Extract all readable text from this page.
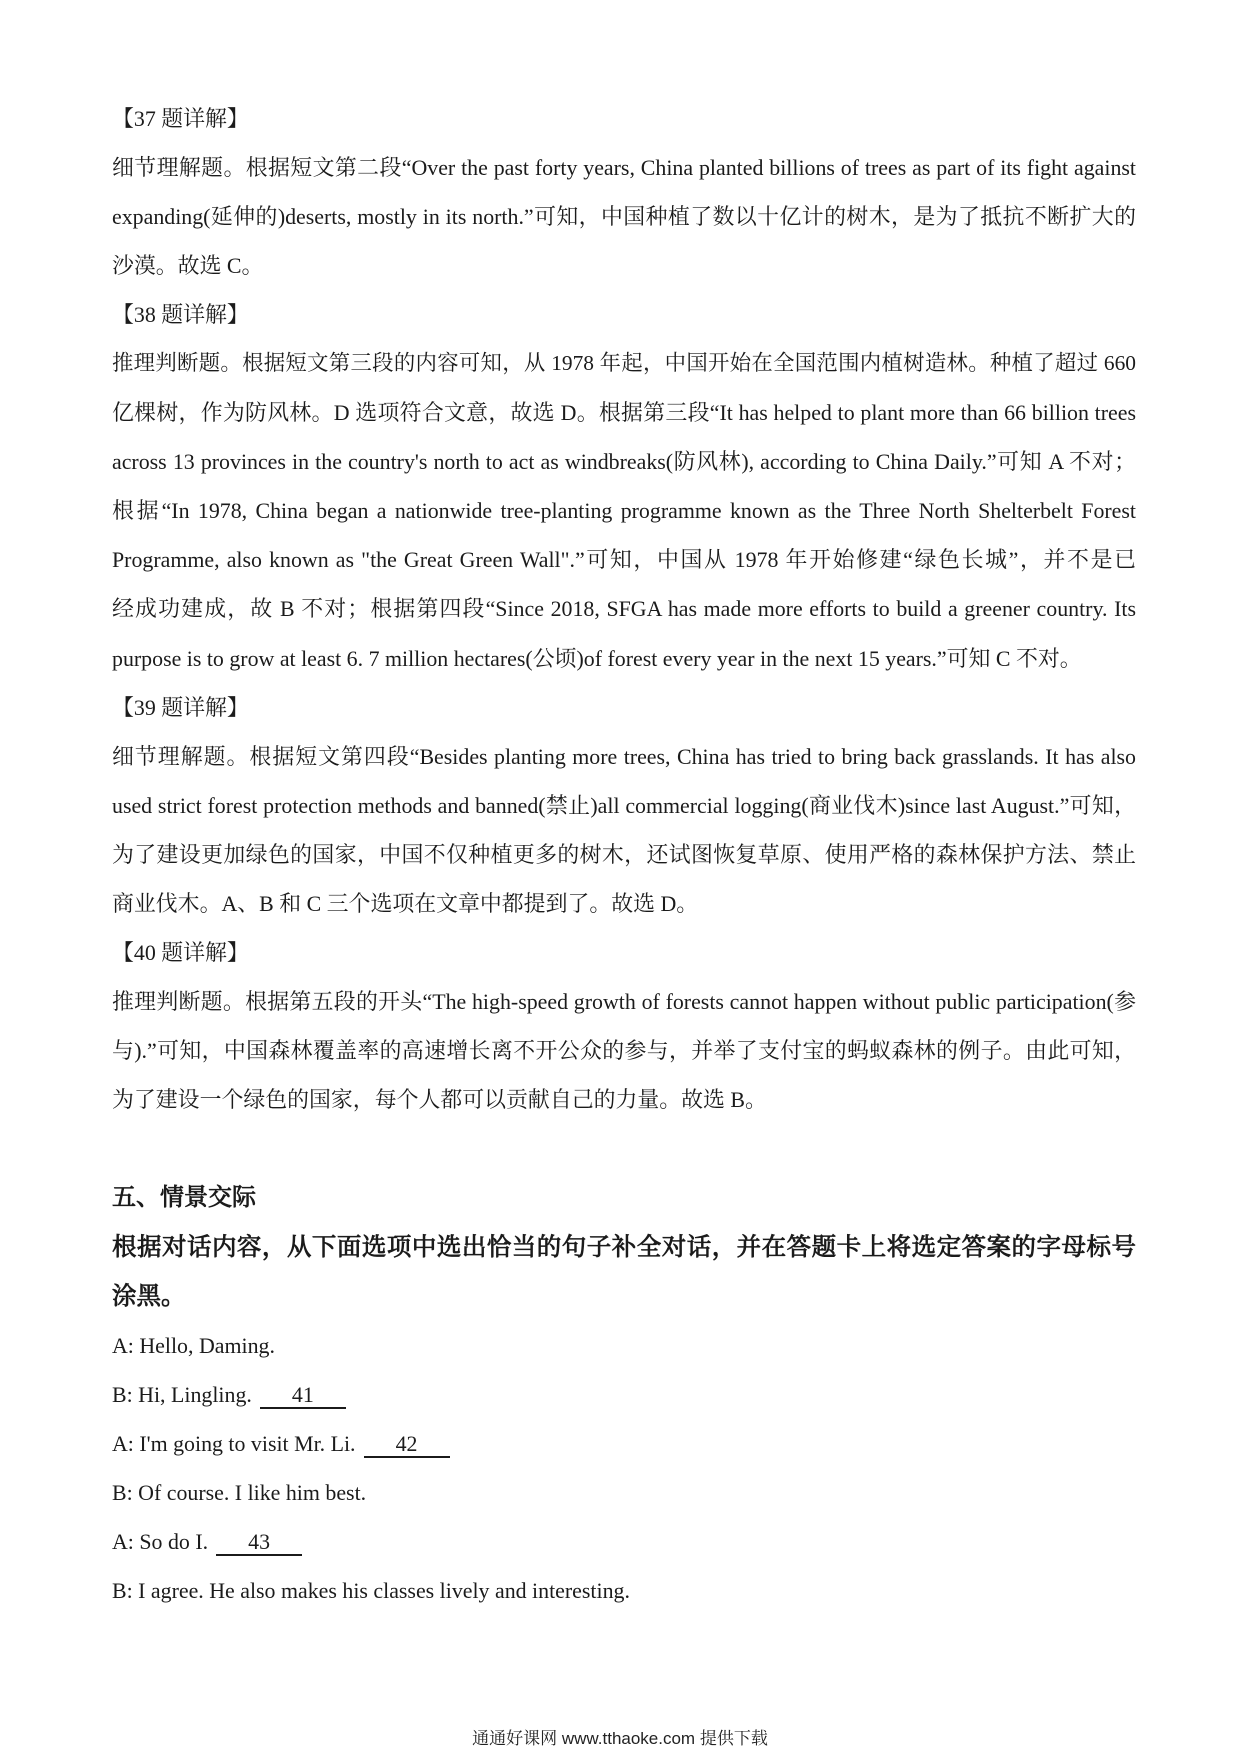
【37 题详解】
细节理解题。根据短文第二段“Over the past forty years, China planted billions of trees as part of its fight against
expanding(延伸的)deserts, mostly in its north.”可知，中国种植了数以十亿计的树木，是为了抵抗不断扩大的
沙漠。故选 C。
【38 题详解】
推理判断题。根据短文第三段的内容可知，从 1978 年起，中国开始在全国范围内植树造林。种植了超过 660
亿棵树，作为防风林。D 选项符合文意，故选 D。根据第三段“It has helped to plant more than 66 billion trees
across 13 provinces in the country's north to act as windbreaks(防风林), according to China Daily.”可知 A 不对；
根据“In 1978, China began a nationwide tree-planting programme known as the Three North Shelterbelt Forest
Programme, also known as "the Great Green Wall".”可知，中国从 1978 年开始修建“绿色长城”，并不是已
经成功建成，故 B 不对；根据第四段“Since 2018, SFGA has made more efforts to build a greener country. Its
purpose is to grow at least 6. 7 million hectares(公顷)of forest every year in the next 15 years.”可知 C 不对。
【39 题详解】
细节理解题。根据短文第四段“Besides planting more trees, China has tried to bring back grasslands. It has also
used strict forest protection methods and banned(禁止)all commercial logging(商业伐木)since last August.”可知，
为了建设更加绿色的国家，中国不仅种植更多的树木，还试图恢复草原、使用严格的森林保护方法、禁止
商业伐木。A、B 和 C 三个选项在文章中都提到了。故选 D。
【40 题详解】
推理判断题。根据第五段的开头“The high-speed growth of forests cannot happen without public participation(参
与).”可知，中国森林覆盖率的高速增长离不开公众的参与，并举了支付宝的蚂蚁森林的例子。由此可知，
为了建设一个绿色的国家，每个人都可以贡献自己的力量。故选 B。
五、情景交际
根据对话内容，从下面选项中选出恰当的句子补全对话，并在答题卡上将选定答案的字母标号
涂黑。
A: Hello, Daming.
B: Hi, Lingling. 41
A: I'm going to visit Mr. Li. 42
B: Of course. I like him best.
A: So do I. 43
B: I agree. He also makes his classes lively and interesting.
通通好课网 www.tthaoke.com 提供下载
